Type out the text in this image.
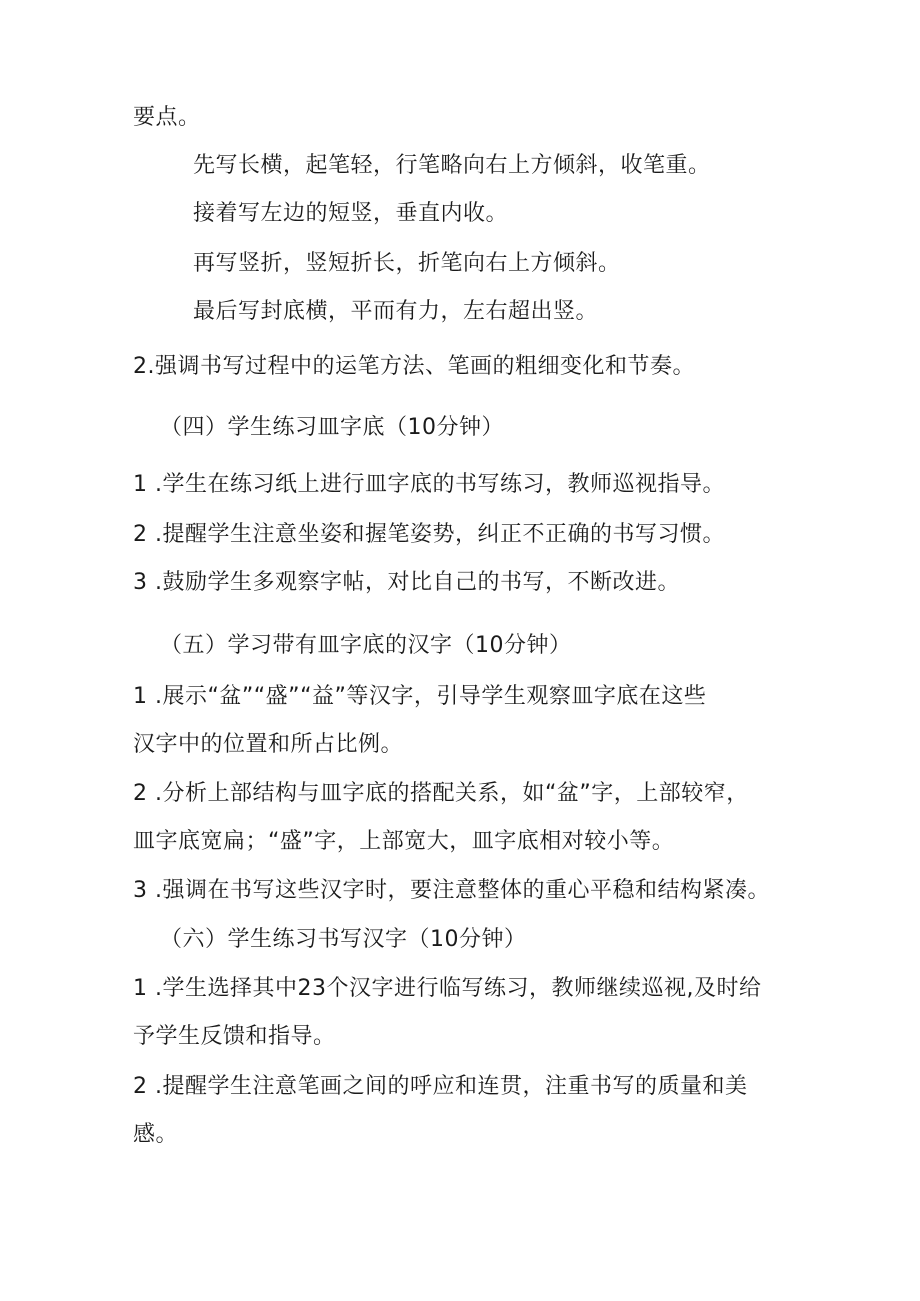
要点。
先写长横，起笔轻，行笔略向右上方倾斜，收笔重。
接着写左边的短竖，垂直内收。
再写竖折，竖短折长，折笔向右上方倾斜。
最后写封底横，平而有力，左右超出竖。
2.强调书写过程中的运笔方法、笔画的粗细变化和节奏。
（四）学生练习皿字底（10分钟）
1 .学生在练习纸上进行皿字底的书写练习，教师巡视指导。
2 .提醒学生注意坐姿和握笔姿势，纠正不正确的书写习惯。
3 .鼓励学生多观察字帖，对比自己的书写，不断改进。
（五）学习带有皿字底的汉字（10分钟）
1 .展示“盆”“盛”“益”等汉字，引导学生观察皿字底在这些
汉字中的位置和所占比例。
2 .分析上部结构与皿字底的搭配关系，如“盆”字，上部较窄，
皿字底宽扁；“盛”字，上部宽大，皿字底相对较小等。
3 .强调在书写这些汉字时，要注意整体的重心平稳和结构紧凑。
（六）学生练习书写汉字（10分钟）
1 .学生选择其中23个汉字进行临写练习，教师继续巡视,及时给
予学生反馈和指导。
2 .提醒学生注意笔画之间的呼应和连贯，注重书写的质量和美
感。
